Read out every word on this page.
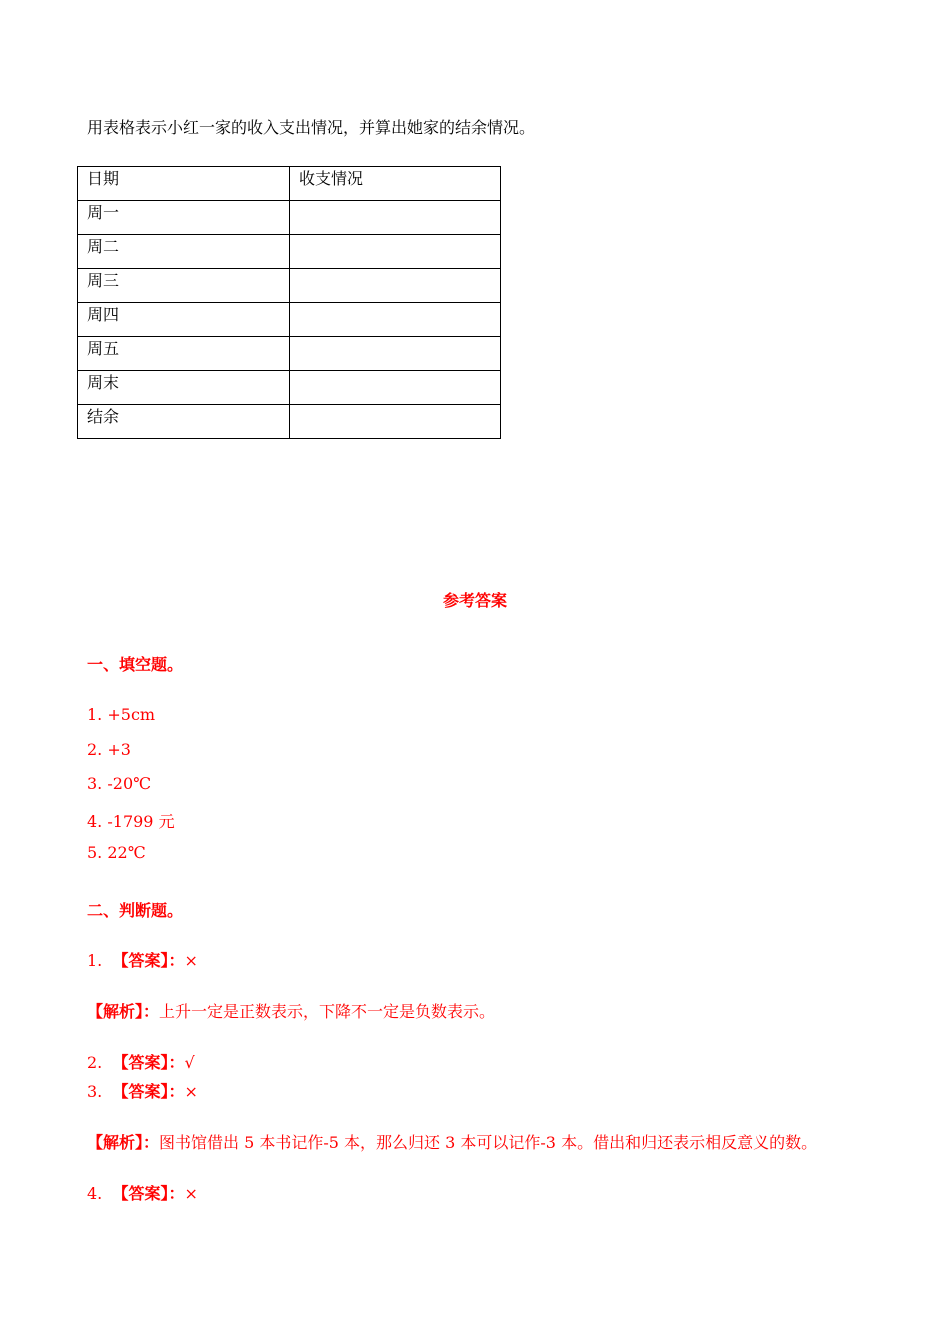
用表格表示小红一家的收入支出情况，并算出她家的结余情况。
日期	收支情况
周一	
周二	
周三	
周四	
周五	
周末	
结余	
参考答案
一、填空题。
1. +5cm
2. +3
3. -20℃
4. -1799 元
5. 22℃
二、判断题。
1. 【答案】：×
【解析】：上升一定是正数表示，下降不一定是负数表示。
2. 【答案】：√
3. 【答案】：×
【解析】：图书馆借出 5 本书记作-5 本，那么归还 3 本可以记作-3 本。借出和归还表示相反意义的数。
4. 【答案】：×
